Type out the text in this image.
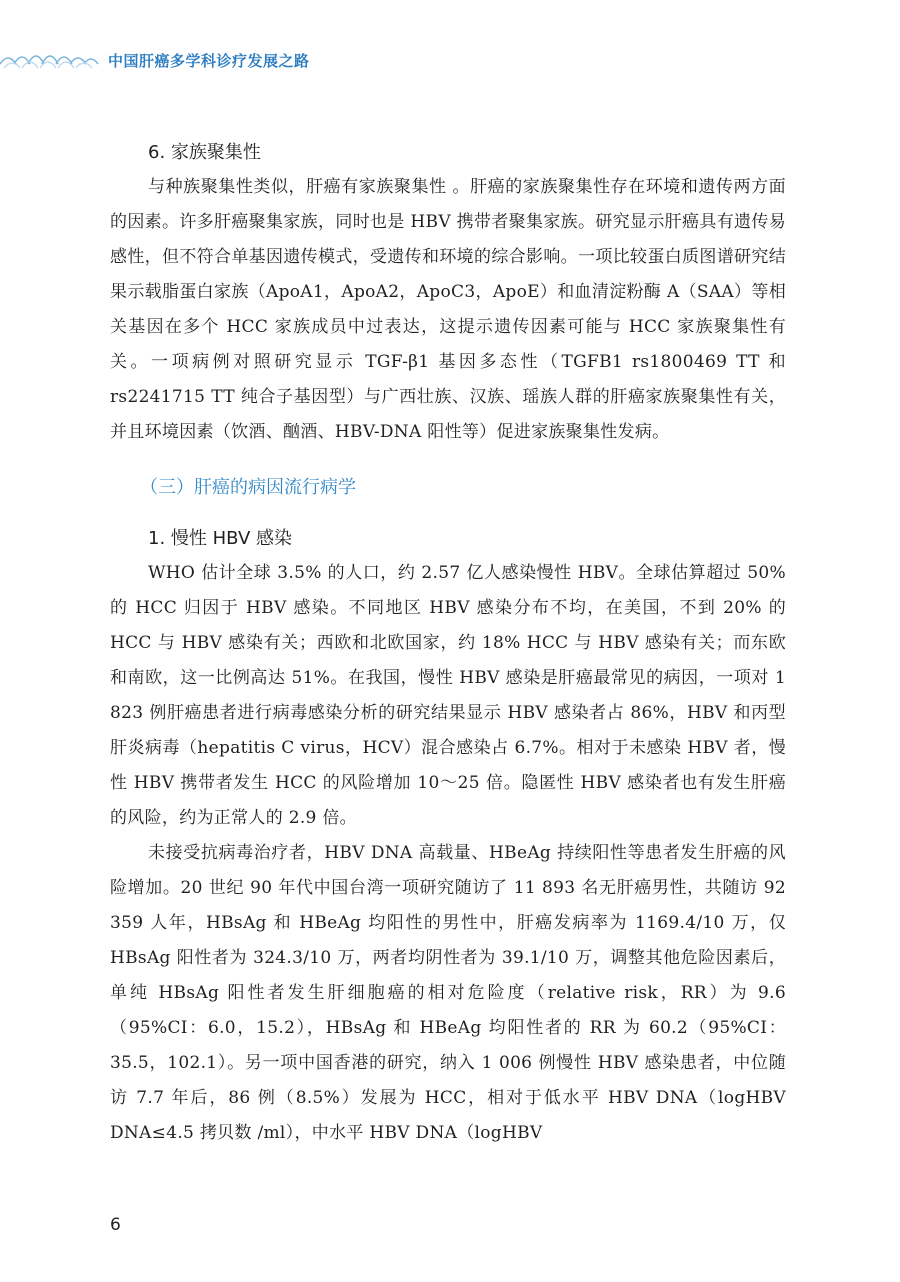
中国肝癌多学科诊疗发展之路

6. 家族聚集性

与种族聚集性类似，肝癌有家族聚集性 。肝癌的家族聚集性存在环境和遗传两方面的因素。许多肝癌聚集家族，同时也是 HBV 携带者聚集家族。研究显示肝癌具有遗传易感性，但不符合单基因遗传模式，受遗传和环境的综合影响。一项比较蛋白质图谱研究结果示载脂蛋白家族（ApoA1，ApoA2，ApoC3，ApoE）和血清淀粉酶 A（SAA）等相关基因在多个 HCC 家族成员中过表达，这提示遗传因素可能与 HCC 家族聚集性有关。一项病例对照研究显示 TGF-β1 基因多态性（TGFB1 rs1800469 TT 和 rs2241715 TT 纯合子基因型）与广西壮族、汉族、瑶族人群的肝癌家族聚集性有关，并且环境因素（饮酒、酗酒、HBV-DNA 阳性等）促进家族聚集性发病。

（三）肝癌的病因流行病学

1. 慢性 HBV 感染

WHO 估计全球 3.5% 的人口，约 2.57 亿人感染慢性 HBV。全球估算超过 50% 的 HCC 归因于 HBV 感染。不同地区 HBV 感染分布不均，在美国，不到 20% 的 HCC 与 HBV 感染有关；西欧和北欧国家，约 18% HCC 与 HBV 感染有关；而东欧和南欧，这一比例高达 51%。在我国，慢性 HBV 感染是肝癌最常见的病因，一项对 1 823 例肝癌患者进行病毒感染分析的研究结果显示 HBV 感染者占 86%，HBV 和丙型肝炎病毒（hepatitis C virus，HCV）混合感染占 6.7%。相对于未感染 HBV 者，慢性 HBV 携带者发生 HCC 的风险增加 10～25 倍。隐匿性 HBV 感染者也有发生肝癌的风险，约为正常人的 2.9 倍。

未接受抗病毒治疗者，HBV DNA 高载量、HBeAg 持续阳性等患者发生肝癌的风险增加。20 世纪 90 年代中国台湾一项研究随访了 11 893 名无肝癌男性，共随访 92 359 人年，HBsAg 和 HBeAg 均阳性的男性中，肝癌发病率为 1169.4/10 万，仅 HBsAg 阳性者为 324.3/10 万，两者均阴性者为 39.1/10 万，调整其他危险因素后，单纯 HBsAg 阳性者发生肝细胞癌的相对危险度（relative risk，RR）为 9.6（95%CI：6.0，15.2），HBsAg 和 HBeAg 均阳性者的 RR 为 60.2（95%CI：35.5，102.1）。另一项中国香港的研究，纳入 1 006 例慢性 HBV 感染患者，中位随访 7.7 年后，86 例（8.5%）发展为 HCC，相对于低水平 HBV DNA（logHBV DNA≤4.5 拷贝数 /ml），中水平 HBV DNA（logHBV

6
